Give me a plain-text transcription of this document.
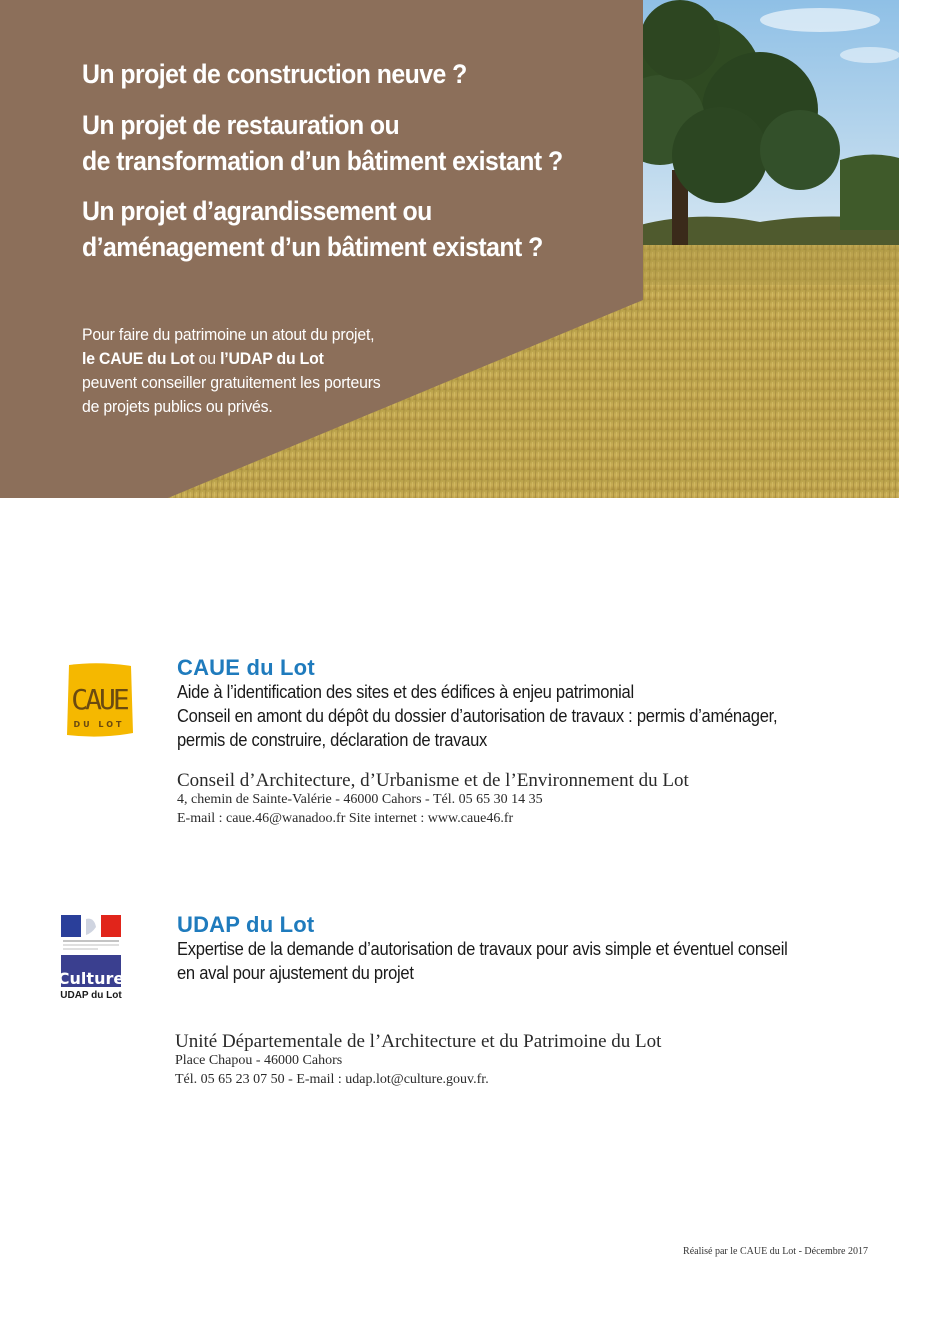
Un projet de construction neuve ?
Un projet de restauration ou
de transformation d’un bâtiment existant ?
Un projet d’agrandissement ou
d’aménagement d’un bâtiment existant ?
Pour faire du patrimoine un atout du projet,
le CAUE du Lot ou l’UDAP du Lot
peuvent conseiller gratuitement les porteurs
de projets publics ou privés.
CAUE
DU LOT
CAUE du Lot
Aide à l’identification des sites et des édifices à enjeu patrimonial
Conseil en amont du dépôt du dossier d’autorisation de travaux : permis d’aménager,
permis de construire, déclaration de travaux
Conseil d’Architecture, d’Urbanisme et de l’Environnement du Lot
4, chemin de Sainte-Valérie - 46000 Cahors - Tél. 05 65 30 14 35
E-mail : caue.46@wanadoo.fr Site internet : www.caue46.fr
Culture
UDAP du Lot
UDAP du Lot
Expertise de la demande d’autorisation de travaux pour avis simple et éventuel conseil
en aval pour ajustement du projet
Unité Départementale de l’Architecture et du Patrimoine du Lot
Place Chapou - 46000 Cahors
Tél. 05 65 23 07 50 - E-mail : udap.lot@culture.gouv.fr.
Réalisé par le CAUE du Lot - Décembre 2017
